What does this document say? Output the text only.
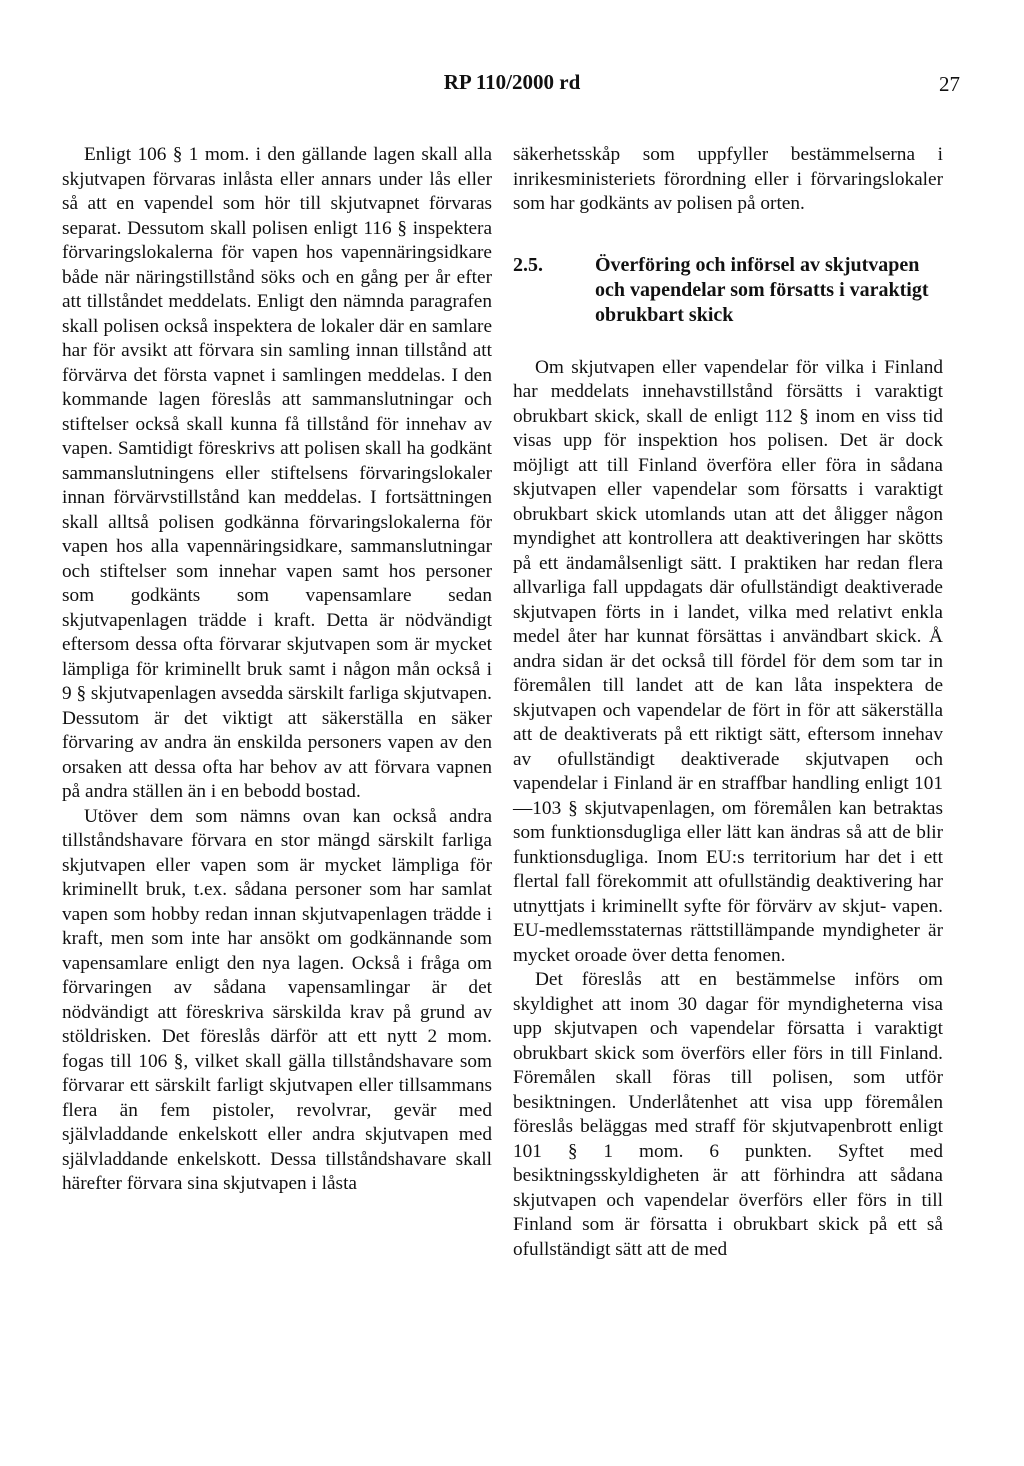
RP 110/2000 rd	27

Enligt 106 § 1 mom. i den gällande lagen skall alla skjutvapen förvaras inlåsta eller annars under lås eller så att en vapendel som hör till skjutvapnet förvaras separat. Dessutom skall polisen enligt 116 § inspektera förvaringslokalerna för vapen hos vapennäringsidkare både när näringstillstånd söks och en gång per år efter att tillståndet meddelats. Enligt den nämnda paragrafen skall polisen också inspektera de lokaler där en samlare har för avsikt att förvara sin samling innan tillstånd att förvärva det första vapnet i samlingen meddelas. I den kommande lagen föreslås att sammanslutningar och stiftelser också skall kunna få tillstånd för innehav av vapen. Samtidigt föreskrivs att polisen skall ha godkänt sammanslutningens eller stiftelsens förvaringslokaler innan förvärvstillstånd kan meddelas. I fortsättningen skall alltså polisen godkänna förvaringslokalerna för vapen hos alla vapennäringsidkare, sammanslutningar och stiftelser som innehar vapen samt hos personer som godkänts som vapensamlare sedan skjutvapenlagen trädde i kraft. Detta är nödvändigt eftersom dessa ofta förvarar skjutvapen som är mycket lämpliga för kriminellt bruk samt i någon mån också i 9 § skjutvapenlagen avsedda särskilt farliga skjutvapen. Dessutom är det viktigt att säkerställa en säker förvaring av andra än enskilda personers vapen av den orsaken att dessa ofta har behov av att förvara vapnen på andra ställen än i en bebodd bostad.

Utöver dem som nämns ovan kan också andra tillståndshavare förvara en stor mängd särskilt farliga skjutvapen eller vapen som är mycket lämpliga för kriminellt bruk, t.ex. sådana personer som har samlat vapen som hobby redan innan skjutvapenlagen trädde i kraft, men som inte har ansökt om godkännande som vapensamlare enligt den nya lagen. Också i fråga om förvaringen av sådana vapensamlingar är det nödvändigt att föreskriva särskilda krav på grund av stöldrisken. Det föreslås därför att ett nytt 2 mom. fogas till 106 §, vilket skall gälla tillståndshavare som förvarar ett särskilt farligt skjutvapen eller tillsammans flera än fem pistoler, revolvrar, gevär med självladdande enkelskott eller andra skjutvapen med självladdande enkelskott. Dessa tillståndshavare skall härefter förvara sina skjutvapen i låsta

säkerhetsskåp som uppfyller bestämmelserna i inrikesministeriets förordning eller i förvaringslokaler som har godkänts av polisen på orten.

2.5.	Överföring och införsel av skjutvapen och vapendelar som försatts i varaktigt obrukbart skick

Om skjutvapen eller vapendelar för vilka i Finland har meddelats innehavstillstånd försätts i varaktigt obrukbart skick, skall de enligt 112 § inom en viss tid visas upp för inspektion hos polisen. Det är dock möjligt att till Finland överföra eller föra in sådana skjutvapen eller vapendelar som försatts i varaktigt obrukbart skick utomlands utan att det åligger någon myndighet att kontrollera att deaktiveringen har skötts på ett ändamålsenligt sätt. I praktiken har redan flera allvarliga fall uppdagats där ofullständigt deaktiverade skjutvapen förts in i landet, vilka med relativt enkla medel åter har kunnat försättas i användbart skick. Å andra sidan är det också till fördel för dem som tar in föremålen till landet att de kan låta inspektera de skjutvapen och vapendelar de fört in för att säkerställa att de deaktiverats på ett riktigt sätt, eftersom innehav av ofullständigt deaktiverade skjutvapen och vapendelar i Finland är en straffbar handling enligt 101—103 § skjutvapenlagen, om föremålen kan betraktas som funktionsdugliga eller lätt kan ändras så att de blir funktionsdugliga. Inom EU:s territorium har det i ett flertal fall förekommit att ofullständig deaktivering har utnyttjats i kriminellt syfte för förvärv av skjut- vapen. EU-medlemsstaternas rättstillämpande myndigheter är mycket oroade över detta fenomen.

Det föreslås att en bestämmelse införs om skyldighet att inom 30 dagar för myndigheterna visa upp skjutvapen och vapendelar försatta i varaktigt obrukbart skick som överförs eller förs in till Finland. Föremålen skall föras till polisen, som utför besiktningen. Underlåtenhet att visa upp föremålen föreslås beläggas med straff för skjutvapenbrott enligt 101 § 1 mom. 6 punkten. Syftet med besiktningsskyldigheten är att förhindra att sådana skjutvapen och vapendelar överförs eller förs in till Finland som är försatta i obrukbart skick på ett så ofullständigt sätt att de med
